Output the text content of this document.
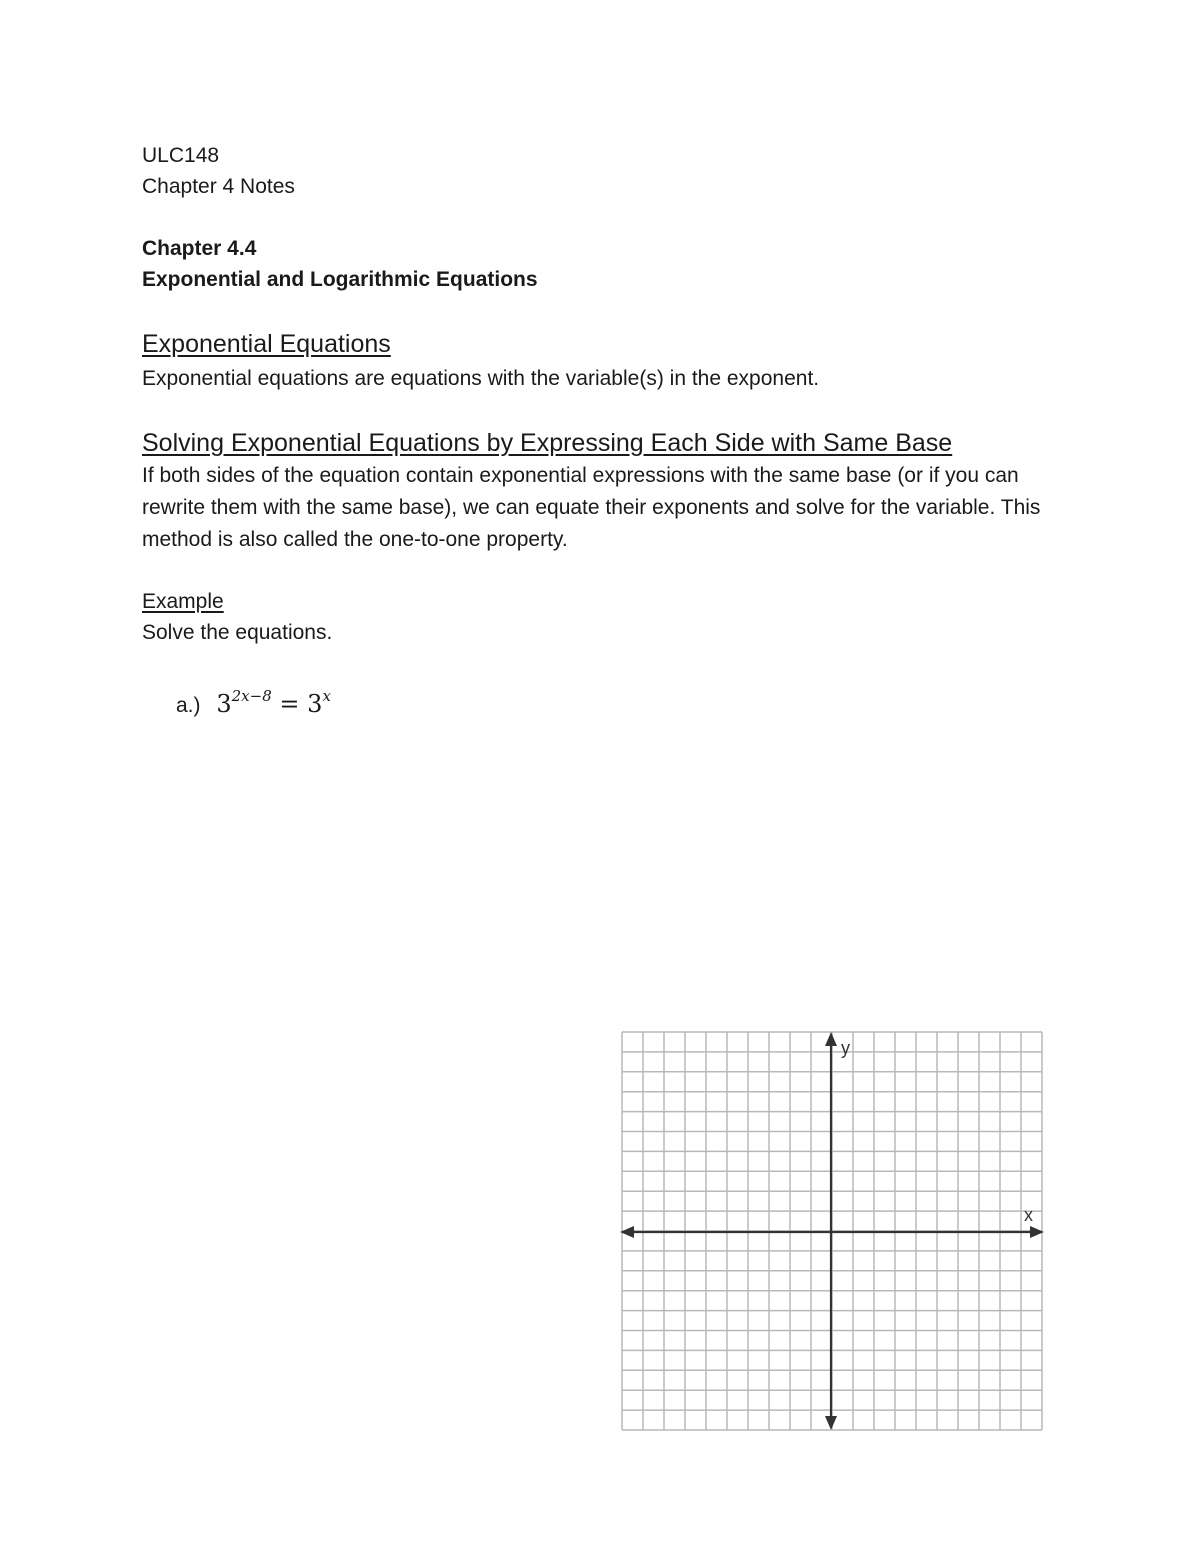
ULC148
Chapter 4 Notes
Chapter 4.4
Exponential and Logarithmic Equations
Exponential Equations
Exponential equations are equations with the variable(s) in the exponent.
Solving Exponential Equations by Expressing Each Side with Same Base
If both sides of the equation contain exponential expressions with the same base (or if you can rewrite them with the same base), we can equate their exponents and solve for the variable. This method is also called the one-to-one property.
Example
Solve the equations.
a.) $3^{2x-8} = 3^x$
x
y
